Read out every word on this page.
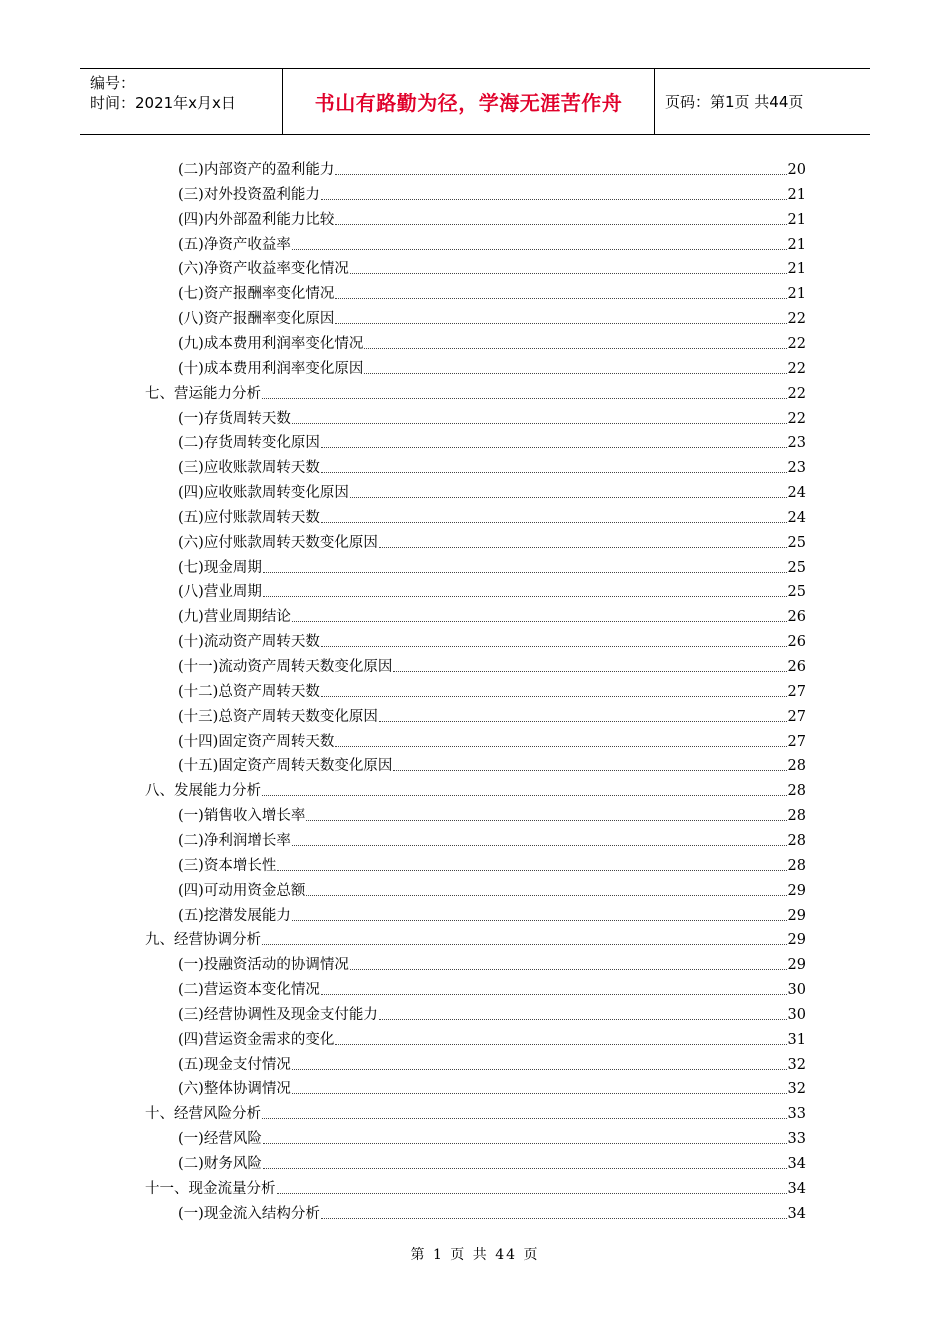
编号：
时间：2021年x月x日	书山有路勤为径，学海无涯苦作舟	页码：第1页 共44页
(二)内部资产的盈利能力	20
(三)对外投资盈利能力	21
(四)内外部盈利能力比较	21
(五)净资产收益率	21
(六)净资产收益率变化情况	21
(七)资产报酬率变化情况	21
(八)资产报酬率变化原因	22
(九)成本费用利润率变化情况	22
(十)成本费用利润率变化原因	22
七、营运能力分析	22
(一)存货周转天数	22
(二)存货周转变化原因	23
(三)应收账款周转天数	23
(四)应收账款周转变化原因	24
(五)应付账款周转天数	24
(六)应付账款周转天数变化原因	25
(七)现金周期	25
(八)营业周期	25
(九)营业周期结论	26
(十)流动资产周转天数	26
(十一)流动资产周转天数变化原因	26
(十二)总资产周转天数	27
(十三)总资产周转天数变化原因	27
(十四)固定资产周转天数	27
(十五)固定资产周转天数变化原因	28
八、发展能力分析	28
(一)销售收入增长率	28
(二)净利润增长率	28
(三)资本增长性	28
(四)可动用资金总额	29
(五)挖潜发展能力	29
九、经营协调分析	29
(一)投融资活动的协调情况	29
(二)营运资本变化情况	30
(三)经营协调性及现金支付能力	30
(四)营运资金需求的变化	31
(五)现金支付情况	32
(六)整体协调情况	32
十、经营风险分析	33
(一)经营风险	33
(二)财务风险	34
十一、现金流量分析	34
(一)现金流入结构分析	34
第 1 页 共 44 页
